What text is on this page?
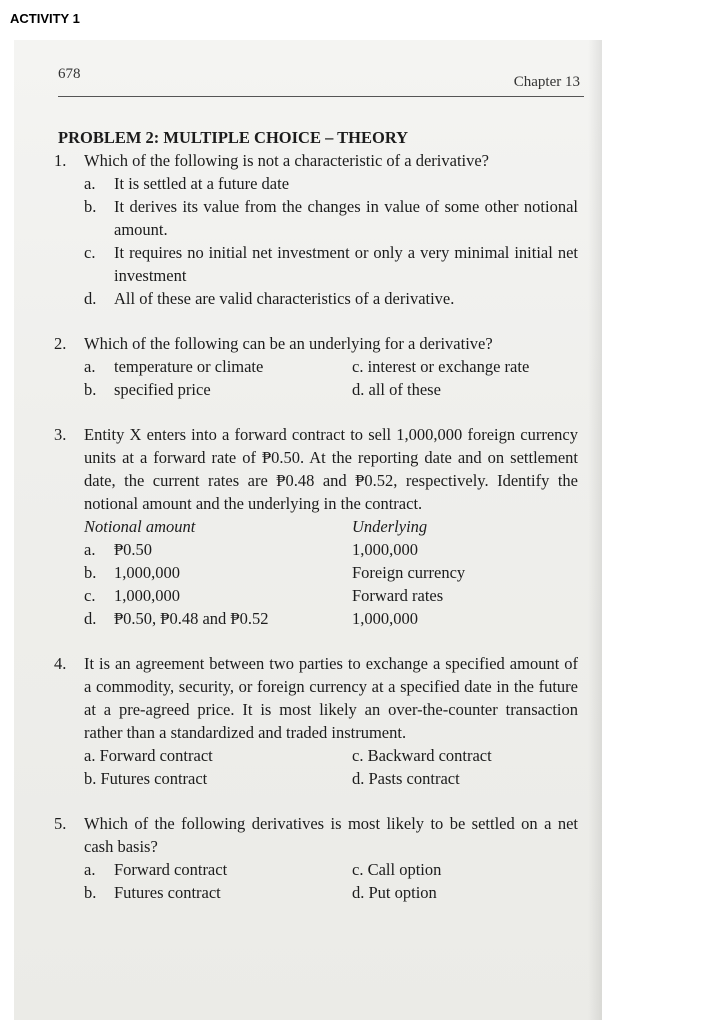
ACTIVITY 1
678	Chapter 13
PROBLEM 2: MULTIPLE CHOICE – THEORY
1. Which of the following is not a characteristic of a derivative?
a. It is settled at a future date
b. It derives its value from the changes in value of some other notional amount.
c. It requires no initial net investment or only a very minimal initial net investment
d. All of these are valid characteristics of a derivative.
2. Which of the following can be an underlying for a derivative?
a. temperature or climate	c. interest or exchange rate
b. specified price	d. all of these
3. Entity X enters into a forward contract to sell 1,000,000 foreign currency units at a forward rate of ₱0.50. At the reporting date and on settlement date, the current rates are ₱0.48 and ₱0.52, respectively. Identify the notional amount and the underlying in the contract.
Notional amount	Underlying
a. ₱0.50	1,000,000
b. 1,000,000	Foreign currency
c. 1,000,000	Forward rates
d. ₱0.50, ₱0.48 and ₱0.52	1,000,000
4. It is an agreement between two parties to exchange a specified amount of a commodity, security, or foreign currency at a specified date in the future at a pre-agreed price. It is most likely an over-the-counter transaction rather than a standardized and traded instrument.
a. Forward contract	c. Backward contract
b. Futures contract	d. Pasts contract
5. Which of the following derivatives is most likely to be settled on a net cash basis?
a. Forward contract	c. Call option
b. Futures contract	d. Put option
